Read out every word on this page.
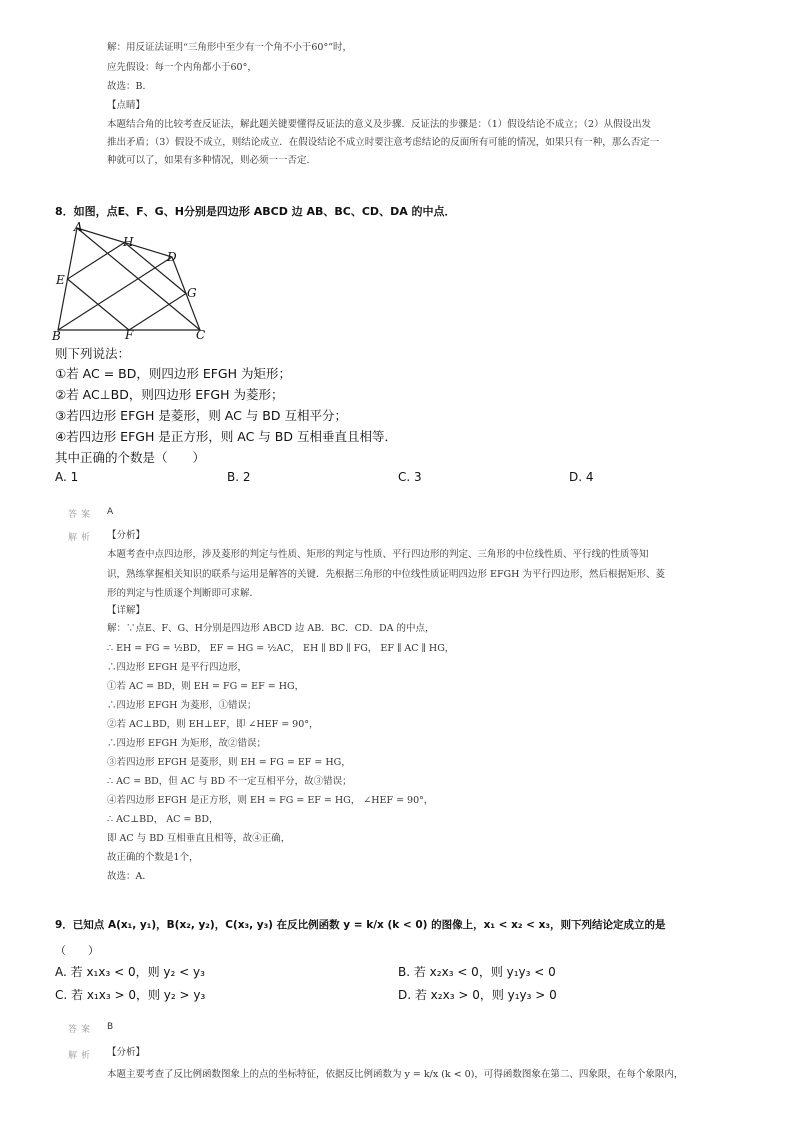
解：用反证法证明“三角形中至少有一个角不小于60°”时，
应先假设：每一个内角都小于60°，
故选：B．
【点睛】
本题结合角的比较考查反证法，解此题关键要懂得反证法的意义及步骤．反证法的步骤是：（1）假设结论不成立；（2）从假设出发
推出矛盾；（3）假设不成立，则结论成立．在假设结论不成立时要注意考虑结论的反面所有可能的情况，如果只有一种，那么否定一
种就可以了，如果有多种情况，则必须一一否定．
8．如图，点E、F、G、H分别是四边形 ABCD 边 AB、BC、CD、DA 的中点．
A
H
D
E
G
B	F	C
则下列说法：
①若 AC = BD，则四边形 EFGH 为矩形；
②若 AC⊥BD，则四边形 EFGH 为菱形；
③若四边形 EFGH 是菱形，则 AC 与 BD 互相平分；
④若四边形 EFGH 是正方形，则 AC 与 BD 互相垂直且相等．
其中正确的个数是（　　）
A. 1	B. 2	C. 3	D. 4
答案 A
解析 【分析】
本题考查中点四边形，涉及菱形的判定与性质、矩形的判定与性质、平行四边形的判定、三角形的中位线性质、平行线的性质等知
识，熟练掌握相关知识的联系与运用是解答的关键．先根据三角形的中位线性质证明四边形 EFGH 为平行四边形，然后根据矩形、菱
形的判定与性质逐个判断即可求解．
【详解】
解：∵点E、F、G、H分别是四边形 ABCD 边 AB．BC．CD．DA 的中点，
∴ EH = FG = ½BD， EF = HG = ½AC， EH ∥ BD ∥ FG， EF ∥ AC ∥ HG，
∴四边形 EFGH 是平行四边形，
①若 AC = BD，则 EH = FG = EF = HG，
∴四边形 EFGH 为菱形，①错误；
②若 AC⊥BD，则 EH⊥EF，即 ∠HEF = 90°，
∴四边形 EFGH 为矩形，故②错误；
③若四边形 EFGH 是菱形，则 EH = FG = EF = HG，
∴ AC = BD，但 AC 与 BD 不一定互相平分，故③错误；
④若四边形 EFGH 是正方形，则 EH = FG = EF = HG， ∠HEF = 90°，
∴ AC⊥BD， AC = BD，
即 AC 与 BD 互相垂直且相等，故④正确，
故正确的个数是1个，
故选：A．
9．已知点 A(x₁, y₁)，B(x₂, y₂)，C(x₃, y₃) 在反比例函数 y = k/x (k < 0) 的图像上，x₁ < x₂ < x₃，则下列结论定成立的是
（　　）
A. 若 x₁x₃ < 0，则 y₂ < y₃	B. 若 x₂x₃ < 0，则 y₁y₃ < 0
C. 若 x₁x₃ > 0，则 y₂ > y₃	D. 若 x₂x₃ > 0，则 y₁y₃ > 0
答案 B
解析 【分析】
本题主要考查了反比例函数图象上的点的坐标特征，依据反比例函数为 y = k/x (k < 0)，可得函数图象在第二、四象限，在每个象限内，
